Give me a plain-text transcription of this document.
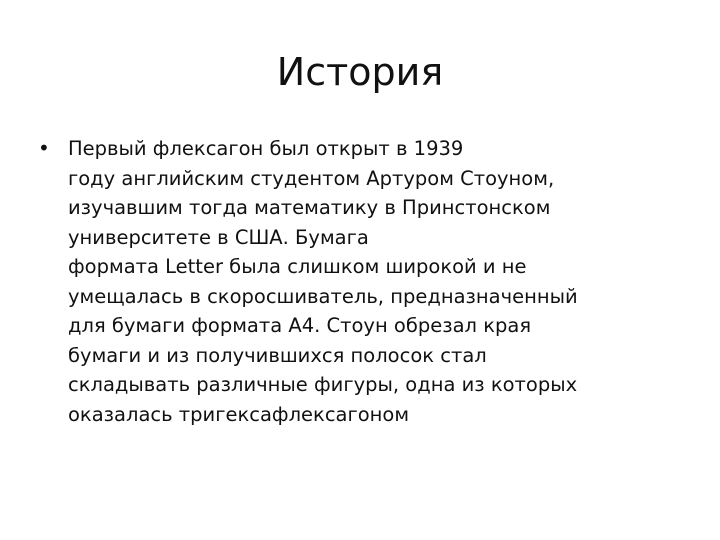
История
• Первый флексагон был открыт в 1939
году английским студентом Артуром Стоуном,
изучавшим тогда математику в Принстонском
университете в США. Бумага
формата Letter была слишком широкой и не
умещалась в скоросшиватель, предназначенный
для бумаги формата А4. Стоун обрезал края
бумаги и из получившихся полосок стал
складывать различные фигуры, одна из которых
оказалась тригексафлексагоном
